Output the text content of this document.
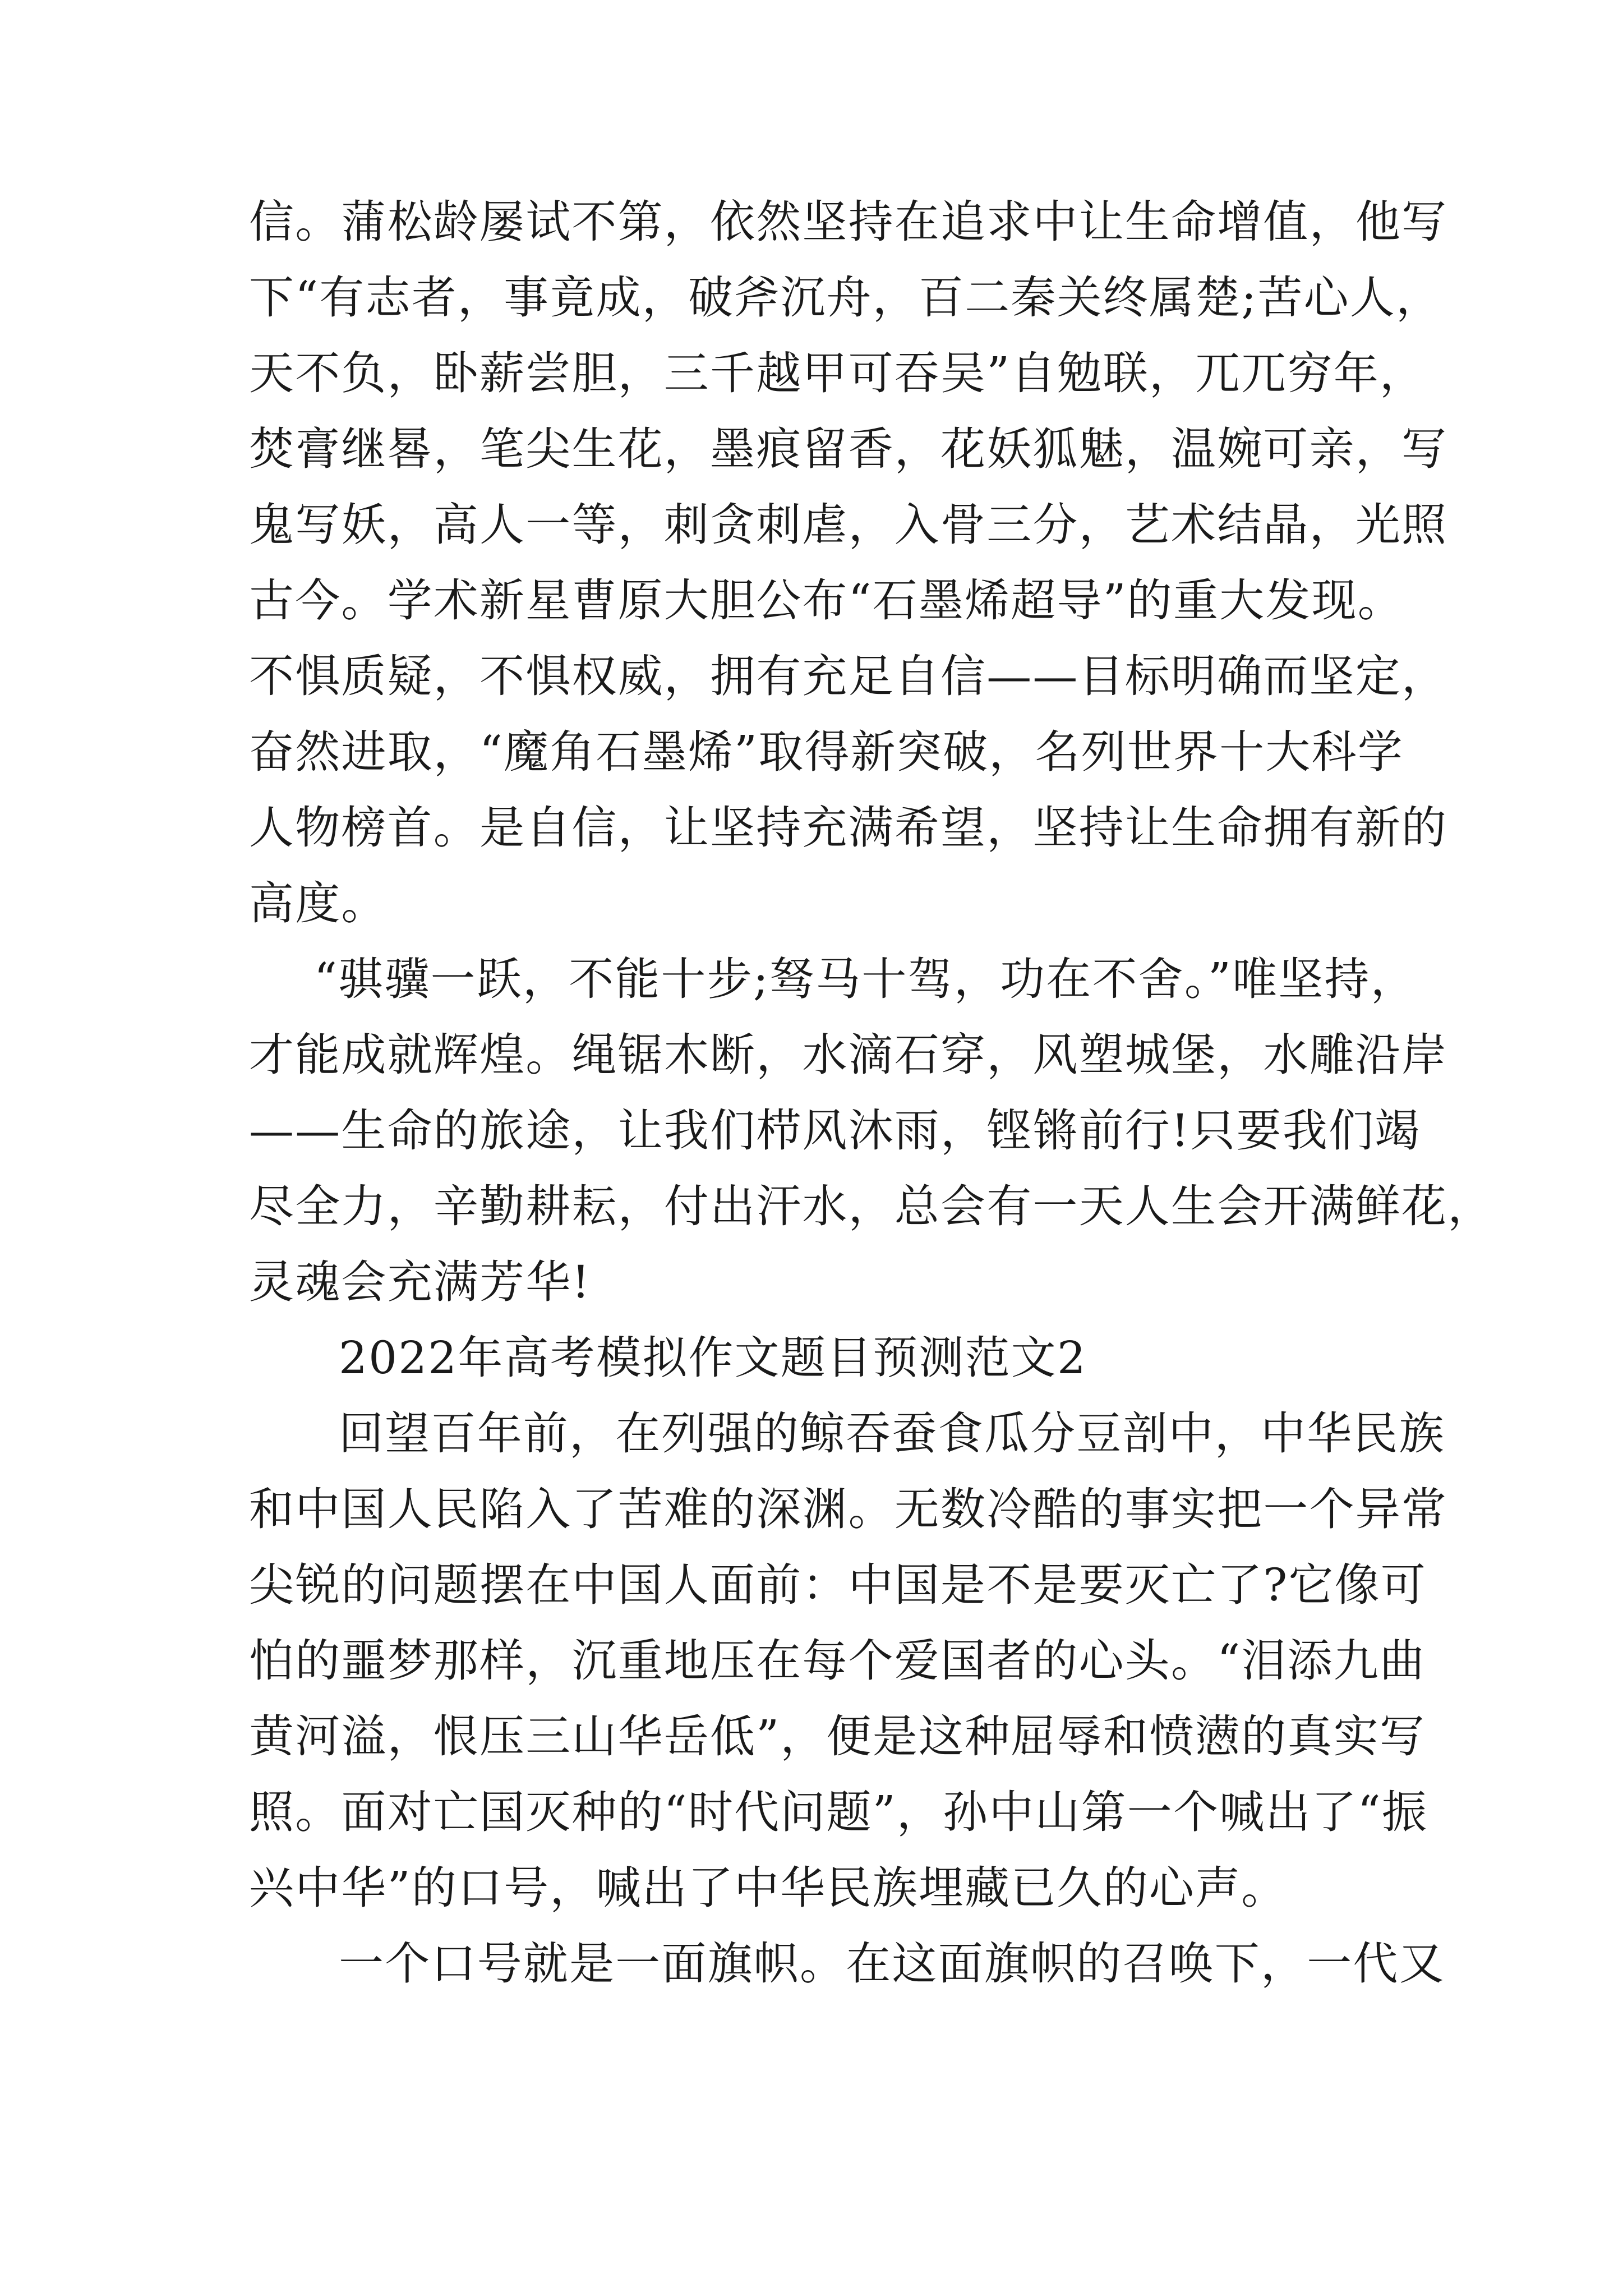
信。蒲松龄屡试不第，依然坚持在追求中让生命增值，他写
下“有志者，事竟成，破斧沉舟，百二秦关终属楚;苦心人，
天不负，卧薪尝胆，三千越甲可吞吴”自勉联，兀兀穷年，
焚膏继晷，笔尖生花，墨痕留香，花妖狐魅，温婉可亲，写
鬼写妖，高人一等，刺贪刺虐，入骨三分，艺术结晶，光照
古今。学术新星曹原大胆公布“石墨烯超导”的重大发现。
不惧质疑，不惧权威，拥有充足自信——目标明确而坚定，
奋然进取，“魔角石墨烯”取得新突破，名列世界十大科学
人物榜首。是自信，让坚持充满希望，坚持让生命拥有新的
高度。
“骐骥一跃，不能十步;驽马十驾，功在不舍。”唯坚持，
才能成就辉煌。绳锯木断，水滴石穿，风塑城堡，水雕沿岸
——生命的旅途，让我们栉风沐雨，铿锵前行!只要我们竭
尽全力，辛勤耕耘，付出汗水，总会有一天人生会开满鲜花，
灵魂会充满芳华!
2022年高考模拟作文题目预测范文2
回望百年前，在列强的鲸吞蚕食瓜分豆剖中，中华民族
和中国人民陷入了苦难的深渊。无数冷酷的事实把一个异常
尖锐的问题摆在中国人面前：中国是不是要灭亡了?它像可
怕的噩梦那样，沉重地压在每个爱国者的心头。“泪添九曲
黄河溢，恨压三山华岳低”，便是这种屈辱和愤懑的真实写
照。面对亡国灭种的“时代问题”，孙中山第一个喊出了“振
兴中华”的口号，喊出了中华民族埋藏已久的心声。
一个口号就是一面旗帜。在这面旗帜的召唤下，一代又
